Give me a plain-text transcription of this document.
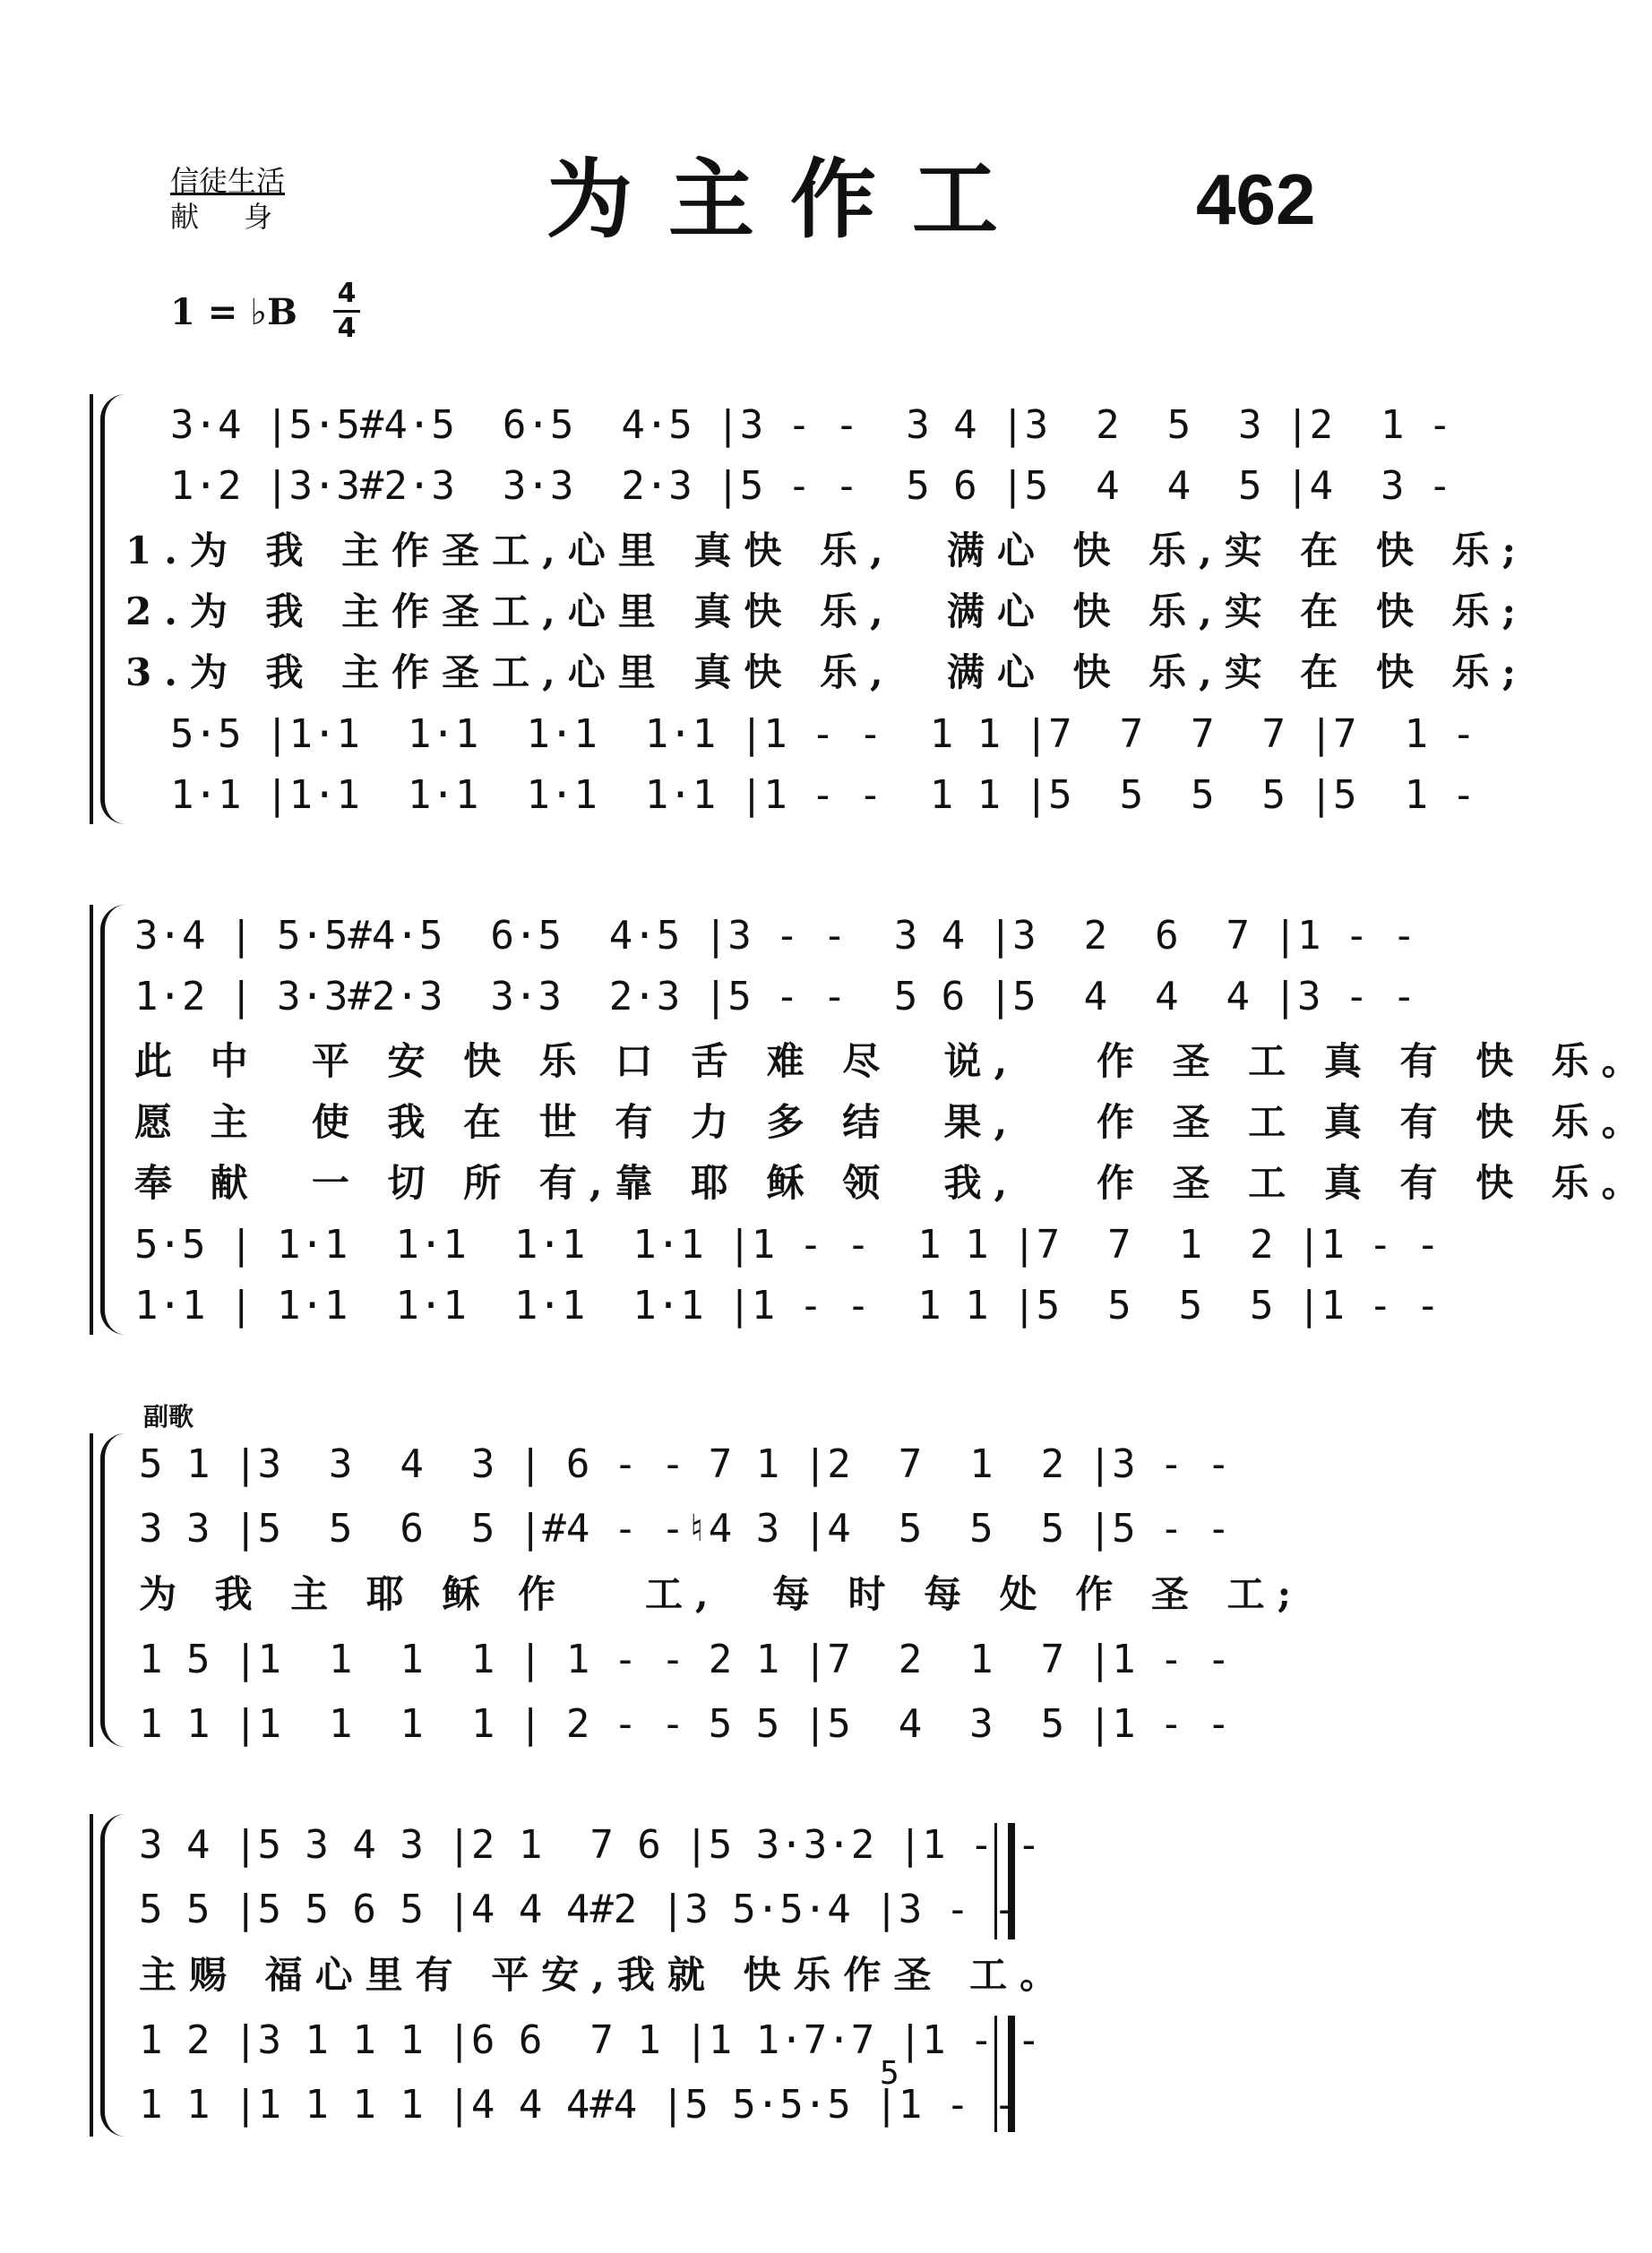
信徒生活
献 身	为主作工 462
1 = ♭B 4
4
3·4 |5·5#4·5  6·5  4·5 |3 - -  3 4 |3  2  5  3 |2  1 -
1·2 |3·3#2·3  3·3  2·3 |5 - -  5 6 |5  4  4  5 |4  3 -
1.为 我 主作圣工,心里 真快 乐,  满心 快 乐,实 在 快 乐;
2.为 我 主作圣工,心里 真快 乐,  满心 快 乐,实 在 快 乐;
3.为 我 主作圣工,心里 真快 乐,  满心 快 乐,实 在 快 乐;
5·5 |1·1  1·1  1·1  1·1 |1 - -  1 1 |7  7  7  7 |7  1 -
1·1 |1·1  1·1  1·1  1·1 |1 - -  1 1 |5  5  5  5 |5  1 -
3·4 | 5·5#4·5  6·5  4·5 |3 - -  3 4 |3  2  6  7 |1 - -
1·2 | 3·3#2·3  3·3  2·3 |5 - -  5 6 |5  4  4  4 |3 - -
此 中  平 安 快 乐 口 舌 难 尽  说,   作 圣 工 真 有 快 乐。
愿 主  使 我 在 世 有 力 多 结  果,   作 圣 工 真 有 快 乐。
奉 献  一 切 所 有,靠 耶 稣 领  我,   作 圣 工 真 有 快 乐。
5·5 | 1·1  1·1  1·1  1·1 |1 - -  1 1 |7  7  1  2 |1 - -
1·1 | 1·1  1·1  1·1  1·1 |1 - -  1 1 |5  5  5  5 |1 - -
副歌
5 1 |3  3  4  3 | 6 - - 7 1 |2  7  1  2 |3 - -
3 3 |5  5  6  5 |#4 - -♮4 3 |4  5  5  5 |5 - -
为 我 主 耶 稣 作   工,  每 时 每 处 作 圣 工;
1 5 |1  1  1  1 | 1 - - 2 1 |7  2  1  7 |1 - -
1 1 |1  1  1  1 | 2 - - 5 5 |5  4  3  5 |1 - -
3 4 |5 3 4 3 |2 1  7 6 |5 3·3·2 |1 - -
5 5 |5 5 6 5 |4 4 4#2 |3 5·5·4 |3 - -
主赐 福心里有 平安,我就 快乐作圣 工。
1 2 |3 1 1 1 |6 6  7 1 |1 1·7·7 |1 - -
1 1 |1 1 1 1 |4 4 4#4 |5 5·5·5 |1 - -
5
